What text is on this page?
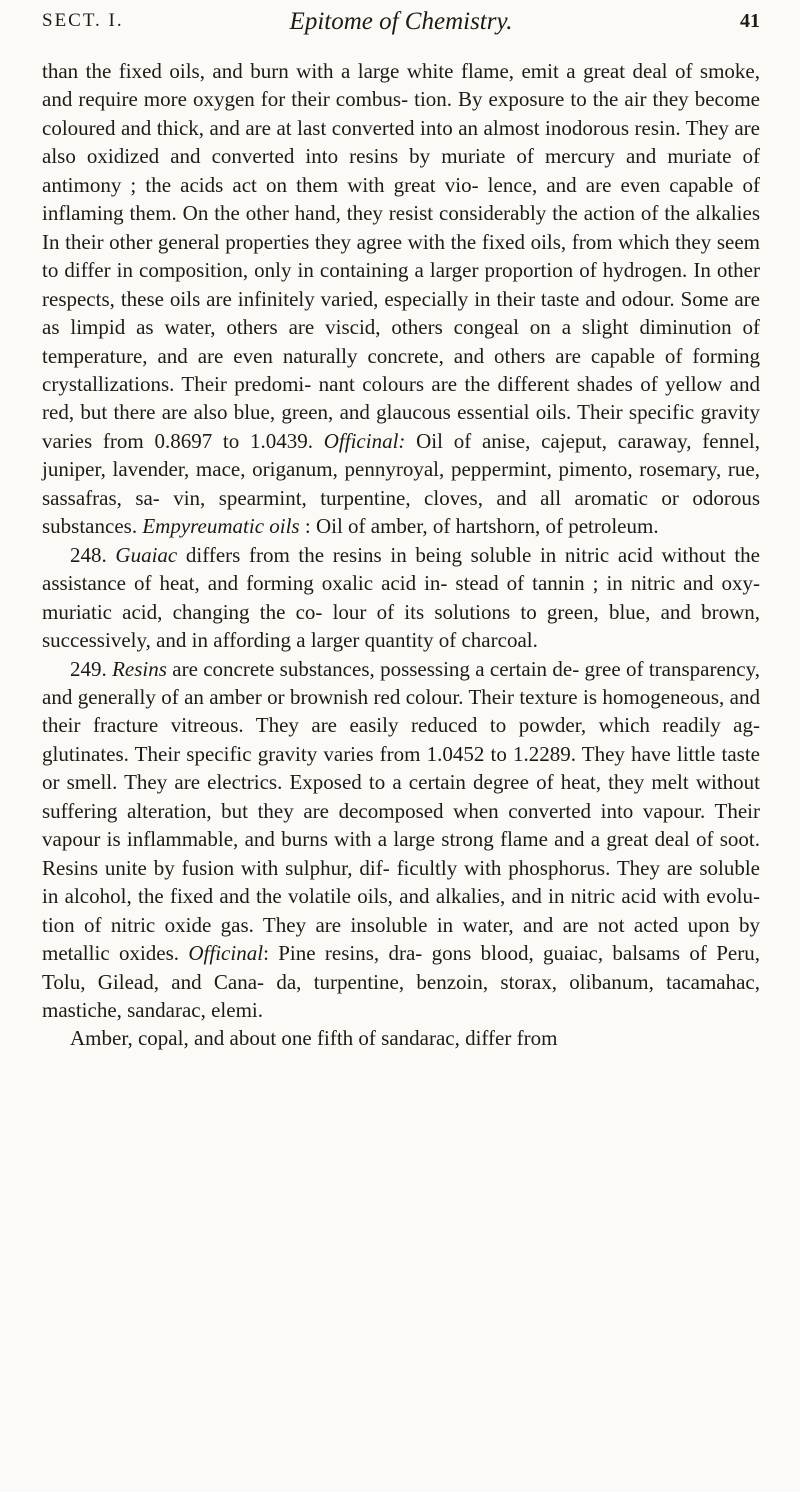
SECT. I.	Epitome of Chemistry.	41

than the fixed oils, and burn with a large white flame, emit a great deal of smoke, and require more oxygen for their combus- tion. By exposure to the air they become coloured and thick, and are at last converted into an almost inodorous resin. They are also oxidized and converted into resins by muriate of mercury and muriate of antimony ; the acids act on them with great vio- lence, and are even capable of inflaming them. On the other hand, they resist considerably the action of the alkalies In their other general properties they agree with the fixed oils, from which they seem to differ in composition, only in containing a larger proportion of hydrogen. In other respects, these oils are infinitely varied, especially in their taste and odour. Some are as limpid as water, others are viscid, others congeal on a slight diminution of temperature, and are even naturally concrete, and others are capable of forming crystallizations. Their predomi- nant colours are the different shades of yellow and red, but there are also blue, green, and glaucous essential oils. Their specific gravity varies from 0.8697 to 1.0439. Officinal: Oil of anise, cajeput, caraway, fennel, juniper, lavender, mace, origanum, pennyroyal, peppermint, pimento, rosemary, rue, sassafras, sa- vin, spearmint, turpentine, cloves, and all aromatic or odorous substances. Empyreumatic oils : Oil of amber, of hartshorn, of petroleum.

248. Guaiac differs from the resins in being soluble in nitric acid without the assistance of heat, and forming oxalic acid in- stead of tannin ; in nitric and oxy-muriatic acid, changing the co- lour of its solutions to green, blue, and brown, successively, and in affording a larger quantity of charcoal.

249. Resins are concrete substances, possessing a certain de- gree of transparency, and generally of an amber or brownish red colour. Their texture is homogeneous, and their fracture vitreous. They are easily reduced to powder, which readily ag- glutinates. Their specific gravity varies from 1.0452 to 1.2289. They have little taste or smell. They are electrics. Exposed to a certain degree of heat, they melt without suffering alteration, but they are decomposed when converted into vapour. Their vapour is inflammable, and burns with a large strong flame and a great deal of soot. Resins unite by fusion with sulphur, dif- ficultly with phosphorus. They are soluble in alcohol, the fixed and the volatile oils, and alkalies, and in nitric acid with evolu- tion of nitric oxide gas. They are insoluble in water, and are not acted upon by metallic oxides. Officinal: Pine resins, dra- gons blood, guaiac, balsams of Peru, Tolu, Gilead, and Cana- da, turpentine, benzoin, storax, olibanum, tacamahac, mastiche, sandarac, elemi.

Amber, copal, and about one fifth of sandarac, differ from
